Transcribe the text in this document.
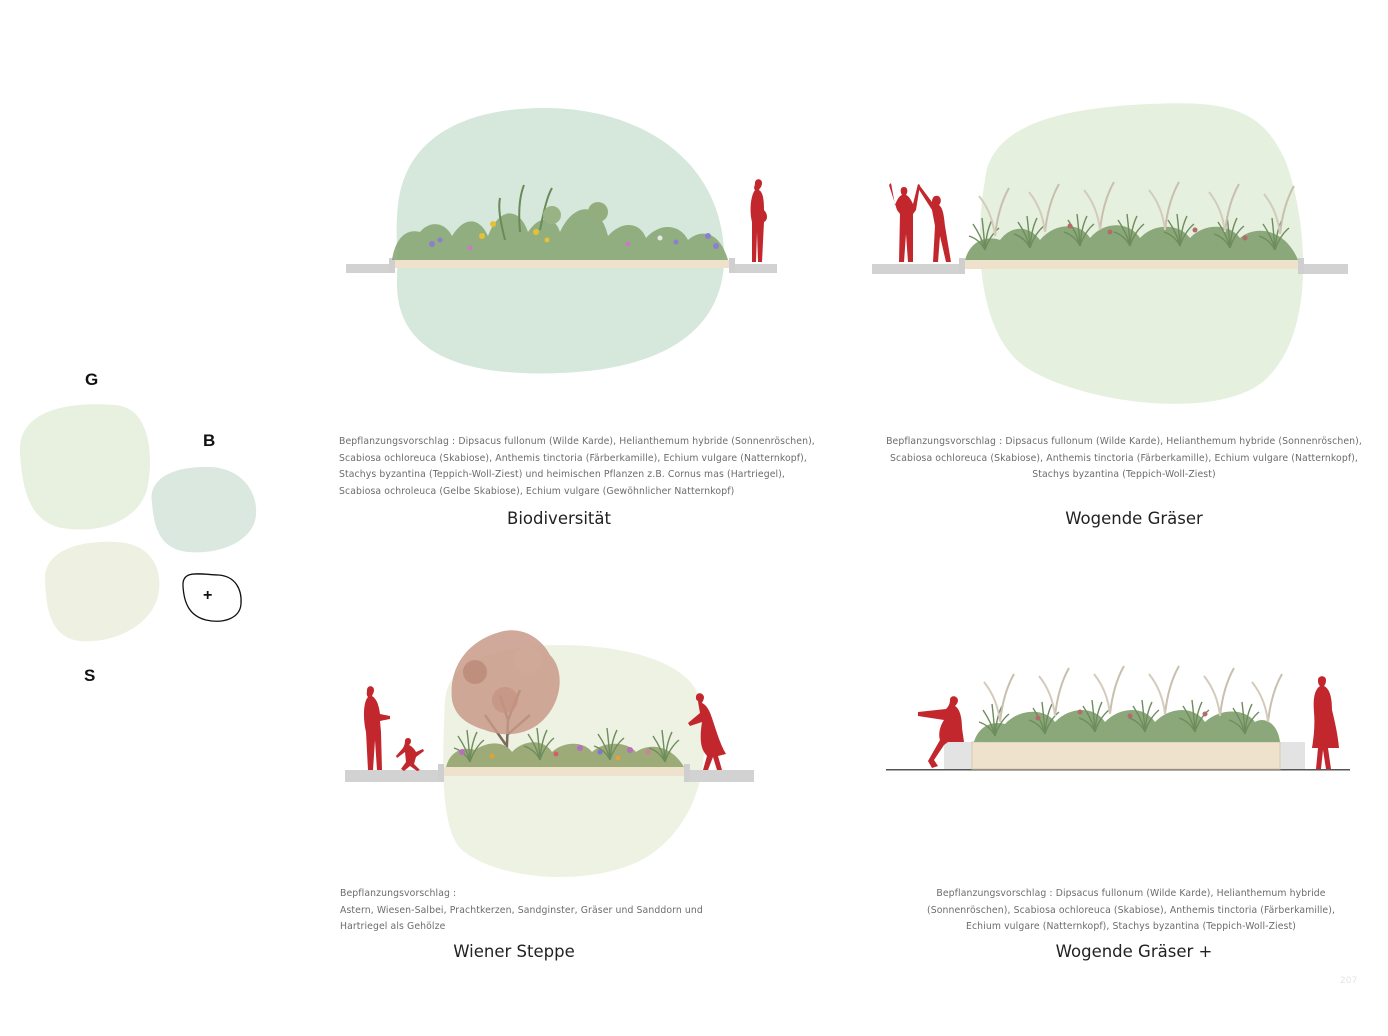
G
B
S
+
Bepflanzungsvorschlag : Dipsacus fullonum (Wilde Karde), Helianthemum hybride (Sonnenröschen),
Scabiosa ochloreuca (Skabiose), Anthemis tinctoria (Färberkamille), Echium vulgare (Natternkopf),
Stachys byzantina (Teppich-Woll-Ziest) und heimischen Pflanzen z.B. Cornus mas (Hartriegel),
Scabiosa ochroleuca (Gelbe Skabiose), Echium vulgare (Gewöhnlicher Natternkopf)
Biodiversität
Bepflanzungsvorschlag : Dipsacus fullonum (Wilde Karde), Helianthemum hybride (Sonnenröschen),
Scabiosa ochloreuca (Skabiose), Anthemis tinctoria (Färberkamille), Echium vulgare (Natternkopf),
Stachys byzantina (Teppich-Woll-Ziest)
Wogende Gräser
Bepflanzungsvorschlag :
Astern, Wiesen-Salbei, Prachtkerzen, Sandginster, Gräser und Sanddorn und
Hartriegel als Gehölze
Wiener Steppe
Bepflanzungsvorschlag : Dipsacus fullonum (Wilde Karde), Helianthemum hybride
(Sonnenröschen), Scabiosa ochloreuca (Skabiose), Anthemis tinctoria (Färberkamille),
Echium vulgare (Natternkopf), Stachys byzantina (Teppich-Woll-Ziest)
Wogende Gräser +
207
